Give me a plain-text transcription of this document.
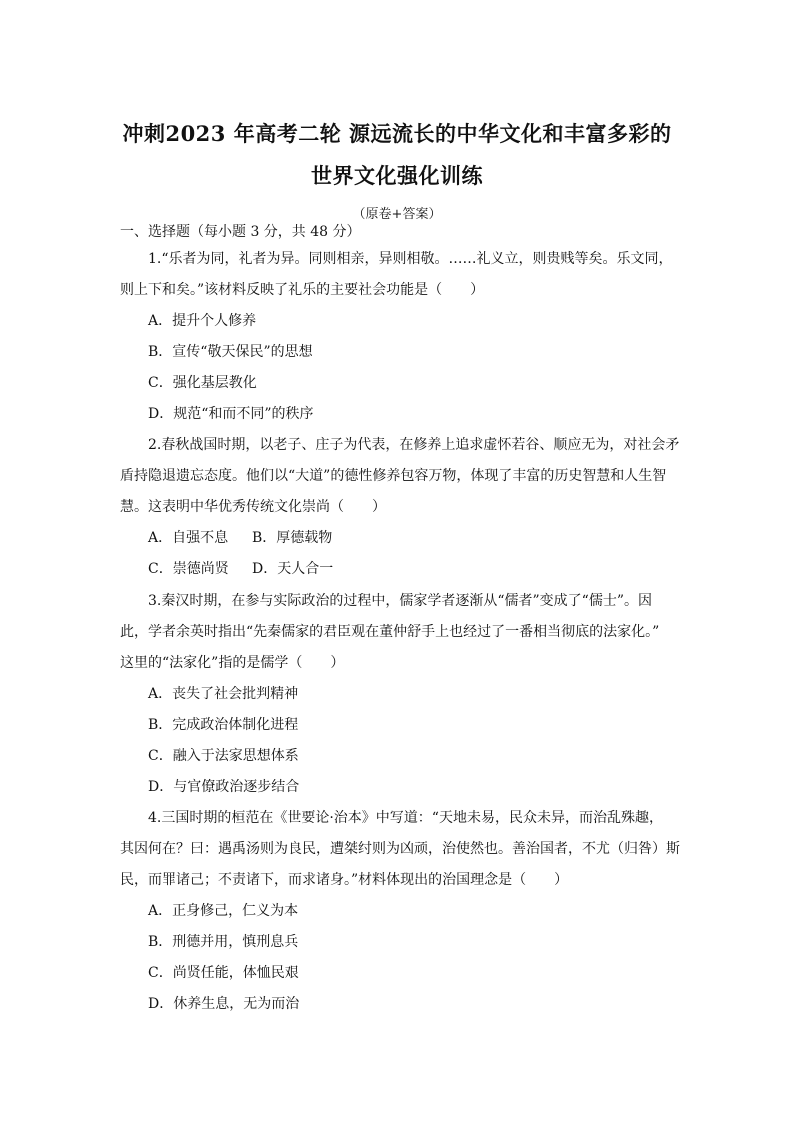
冲刺2023 年高考二轮 源远流长的中华文化和丰富多彩的
世界文化强化训练
（原卷+答案）
一、选择题（每小题 3 分，共 48 分）
1.“乐者为同，礼者为异。同则相亲，异则相敬。……礼义立，则贵贱等矣。乐文同，
则上下和矣。”该材料反映了礼乐的主要社会功能是（　　）
A．提升个人修养
B．宣传“敬天保民”的思想
C．强化基层教化
D．规范“和而不同”的秩序
2.春秋战国时期，以老子、庄子为代表，在修养上追求虚怀若谷、顺应无为，对社会矛
盾持隐退遗忘态度。他们以“大道”的德性修养包容万物，体现了丰富的历史智慧和人生智
慧。这表明中华优秀传统文化崇尚（　　）
A．自强不息 B．厚德载物
C．崇德尚贤 D．天人合一
3.秦汉时期，在参与实际政治的过程中，儒家学者逐渐从“儒者”变成了“儒士”。因
此，学者余英时指出“先秦儒家的君臣观在董仲舒手上也经过了一番相当彻底的法家化。”
这里的“法家化”指的是儒学（　　）
A．丧失了社会批判精神
B．完成政治体制化进程
C．融入于法家思想体系
D．与官僚政治逐步结合
4.三国时期的桓范在《世要论·治本》中写道：“天地未易，民众未异，而治乱殊趣，
其因何在？曰：遇禹汤则为良民，遭桀纣则为凶顽，治使然也。善治国者，不尤（归咎）斯
民，而罪诸己；不责诸下，而求诸身。”材料体现出的治国理念是（　　）
A．正身修己，仁义为本
B．刑德并用，慎刑息兵
C．尚贤任能，体恤民艰
D．休养生息，无为而治
